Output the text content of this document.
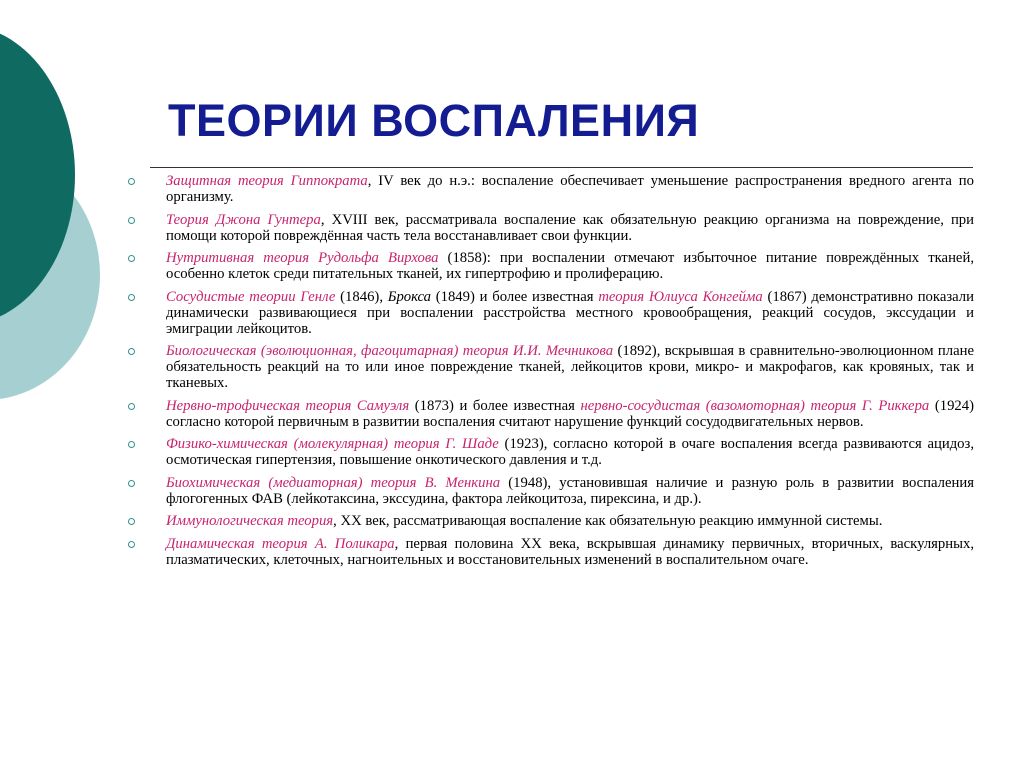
ТЕОРИИ ВОСПАЛЕНИЯ
Защитная теория Гиппократа, IV век до н.э.: воспаление обеспечивает уменьшение распространения вредного агента по организму.
Теория Джона Гунтера, XVIII век, рассматривала воспаление как обязательную реакцию организма на повреждение, при помощи которой повреждённая часть тела восстанавливает свои функции.
Нутритивная теория Рудольфа Вирхова (1858): при воспалении отмечают избыточное питание повреждённых тканей, особенно клеток среди питательных тканей, их гипертрофию и пролиферацию.
Сосудистые теории Генле (1846), Брокса (1849) и более известная теория Юлиуса Конгейма (1867) демонстративно показали динамически развивающиеся при воспалении расстройства местного кровообращения, реакций сосудов, экссудации и эмиграции лейкоцитов.
Биологическая (эволюционная, фагоцитарная) теория И.И. Мечникова (1892), вскрывшая в сравнительно-эволюционном плане обязательность реакций на то или иное повреждение тканей, лейкоцитов крови, микро- и макрофагов, как кровяных, так и тканевых.
Нервно-трофическая теория Самуэля (1873) и более известная нервно-сосудистая (вазомоторная) теория Г. Риккера (1924) согласно которой первичным в развитии воспаления считают нарушение функций сосудодвигательных нервов.
Физико-химическая (молекулярная) теория Г. Шаде (1923), согласно которой в очаге воспаления всегда развиваются ацидоз, осмотическая гипертензия, повышение онкотического давления и т.д.
Биохимическая (медиаторная) теория В. Менкина (1948), установившая наличие и разную роль в развитии воспаления флогогенных ФАВ (лейкотаксина, экссудина, фактора лейкоцитоза, пирексина, и др.).
Иммунологическая теория, XX век, рассматривающая воспаление как обязательную реакцию иммунной системы.
Динамическая теория А. Поликара, первая половина XX века, вскрывшая динамику первичных, вторичных, васкулярных, плазматических, клеточных, нагноительных и восстановительных изменений в воспалительном очаге.
